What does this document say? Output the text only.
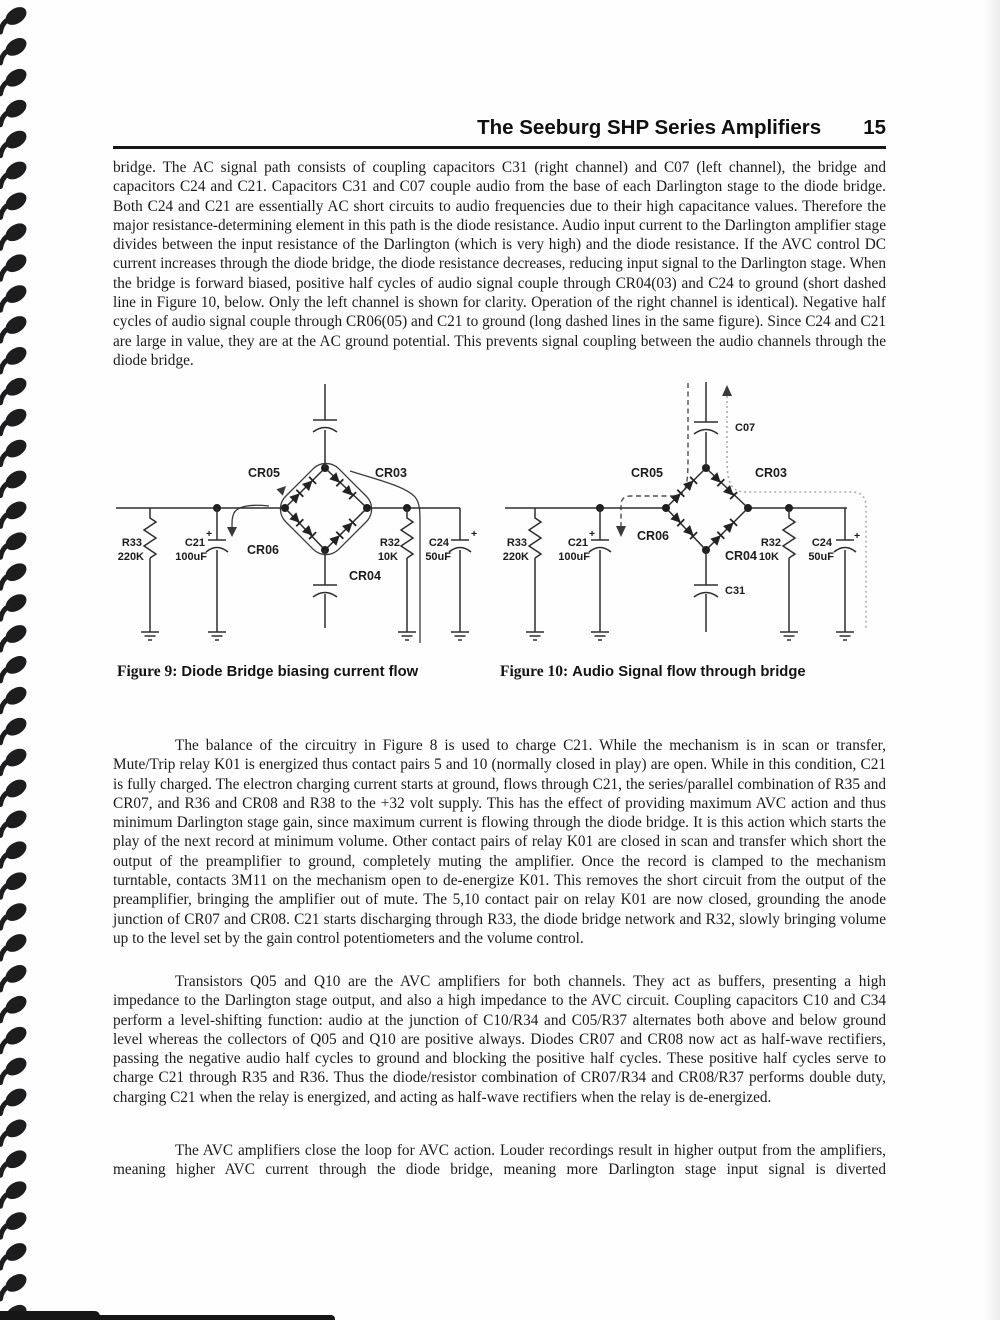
The Seeburg SHP Series Amplifiers 15
bridge. The AC signal path consists of coupling capacitors C31 (right channel) and C07 (left channel), the bridge and capacitors C24 and C21. Capacitors C31 and C07 couple audio from the base of each Darlington stage to the diode bridge. Both C24 and C21 are essentially AC short circuits to audio frequencies due to their high capacitance values. Therefore the major resistance-determining element in this path is the diode resistance. Audio input current to the Darlington amplifier stage divides between the input resistance of the Darlington (which is very high) and the diode resistance. If the AVC control DC current increases through the diode bridge, the diode resistance decreases, reducing input signal to the Darlington stage. When the bridge is forward biased, positive half cycles of audio signal couple through CR04(03) and C24 to ground (short dashed line in Figure 10, below. Only the left channel is shown for clarity. Operation of the right channel is identical). Negative half cycles of audio signal couple through CR06(05) and C21 to ground (long dashed lines in the same figure). Since C24 and C21 are large in value, they are at the AC ground potential. This prevents signal coupling between the audio channels through the diode bridge.
The balance of the circuitry in Figure 8 is used to charge C21. While the mechanism is in scan or transfer, Mute/Trip relay K01 is energized thus contact pairs 5 and 10 (normally closed in play) are open. While in this condition, C21 is fully charged. The electron charging current starts at ground, flows through C21, the series/parallel combination of R35 and CR07, and R36 and CR08 and R38 to the +32 volt supply. This has the effect of providing maximum AVC action and thus minimum Darlington stage gain, since maximum current is flowing through the diode bridge. It is this action which starts the play of the next record at minimum volume. Other contact pairs of relay K01 are closed in scan and transfer which short the output of the preamplifier to ground, completely muting the amplifier. Once the record is clamped to the mechanism turntable, contacts 3M11 on the mechanism open to de-energize K01. This removes the short circuit from the output of the preamplifier, bringing the amplifier out of mute. The 5,10 contact pair on relay K01 are now closed, grounding the anode junction of CR07 and CR08. C21 starts discharging through R33, the diode bridge network and R32, slowly bringing volume up to the level set by the gain control potentiometers and the volume control.
Transistors Q05 and Q10 are the AVC amplifiers for both channels. They act as buffers, presenting a high impedance to the Darlington stage output, and also a high impedance to the AVC circuit. Coupling capacitors C10 and C34 perform a level-shifting function: audio at the junction of C10/R34 and C05/R37 alternates both above and below ground level whereas the collectors of Q05 and Q10 are positive always. Diodes CR07 and CR08 now act as half-wave rectifiers, passing the negative audio half cycles to ground and blocking the positive half cycles. These positive half cycles serve to charge C21 through R35 and R36. Thus the diode/resistor combination of CR07/R34 and CR08/R37 performs double duty, charging C21 when the relay is energized, and acting as half-wave rectifiers when the relay is de-energized.
The AVC amplifiers close the loop for AVC action. Louder recordings result in higher output from the amplifiers, meaning higher AVC current through the diode bridge, meaning more Darlington stage input signal is diverted
CR05	CR03
CR06
CR04
R33
220K
C21
100uF
+
R32
10K
C24
50uF
+
CR05	CR03
CR06
CR04
C07
C31
R33
220K
C21
100uF
+
R32
10K
C24
50uF
+
Figure 9: Diode Bridge biasing current flow	Figure 10: Audio Signal flow through bridge
